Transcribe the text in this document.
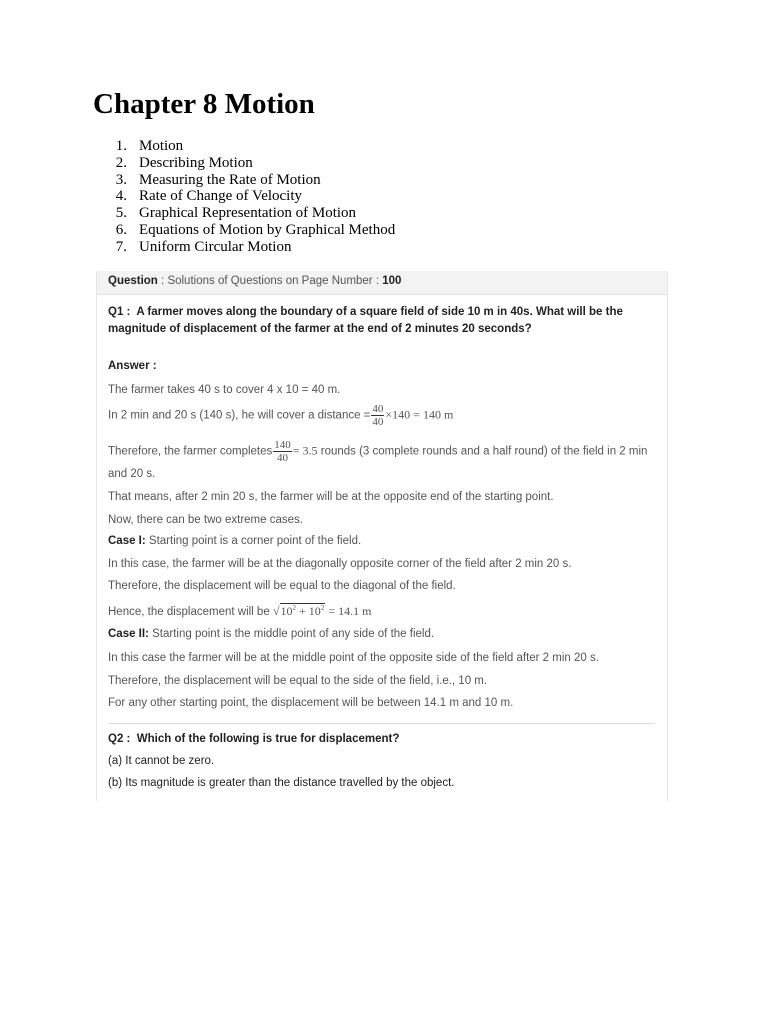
Chapter 8 Motion
1. Motion
2. Describing Motion
3. Measuring the Rate of Motion
4. Rate of Change of Velocity
5. Graphical Representation of Motion
6. Equations of Motion by Graphical Method
7. Uniform Circular Motion
Question : Solutions of Questions on Page Number : 100
Q1 : A farmer moves along the boundary of a square field of side 10 m in 40s. What will be the
magnitude of displacement of the farmer at the end of 2 minutes 20 seconds?
Answer :
The farmer takes 40 s to cover 4 x 10 = 40 m.
In 2 min and 20 s (140 s), he will cover a distance = $\frac{40}{40} \times 140 = 140$ m
Therefore, the farmer completes $\frac{140}{40} = 3.5$ rounds (3 complete rounds and a half round) of the field in 2 min
and 20 s.
That means, after 2 min 20 s, the farmer will be at the opposite end of the starting point.
Now, there can be two extreme cases.
Case I: Starting point is a corner point of the field.
In this case, the farmer will be at the diagonally opposite corner of the field after 2 min 20 s.
Therefore, the displacement will be equal to the diagonal of the field.
Hence, the displacement will be $√10^2 + 10^2 = 14.1$ m
Case II: Starting point is the middle point of any side of the field.
In this case the farmer will be at the middle point of the opposite side of the field after 2 min 20 s.
Therefore, the displacement will be equal to the side of the field, i.e., 10 m.
For any other starting point, the displacement will be between 14.1 m and 10 m.
Q2 : Which of the following is true for displacement?
(a) It cannot be zero.
(b) Its magnitude is greater than the distance travelled by the object.
